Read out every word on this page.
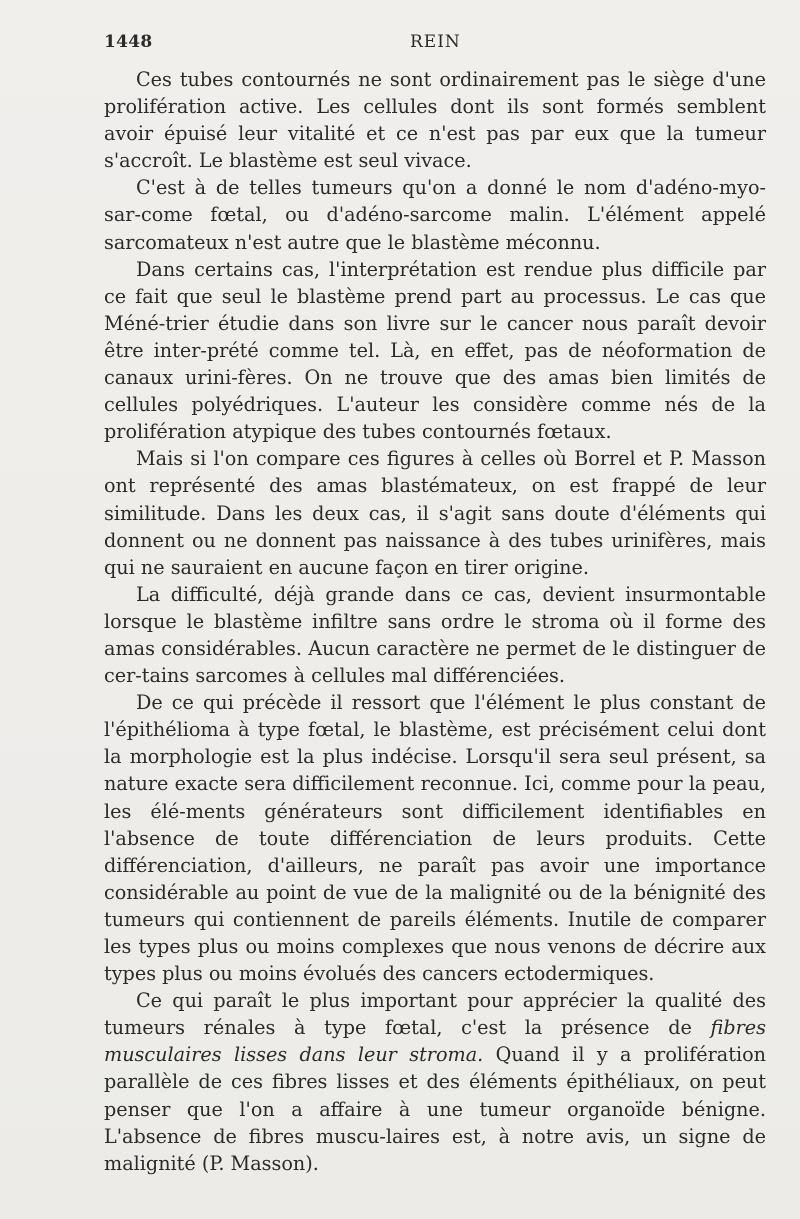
1448	REIN

Ces tubes contournés ne sont ordinairement pas le siège d'une prolifération active. Les cellules dont ils sont formés semblent avoir épuisé leur vitalité et ce n'est pas par eux que la tumeur s'accroît. Le blastème est seul vivace.

C'est à de telles tumeurs qu'on a donné le nom d'adéno-myo-sar-come fœtal, ou d'adéno-sarcome malin. L'élément appelé sarcomateux n'est autre que le blastème méconnu.

Dans certains cas, l'interprétation est rendue plus difficile par ce fait que seul le blastème prend part au processus. Le cas que Méné-trier étudie dans son livre sur le cancer nous paraît devoir être inter-prété comme tel. Là, en effet, pas de néoformation de canaux urini-fères. On ne trouve que des amas bien limités de cellules polyédriques. L'auteur les considère comme nés de la prolifération atypique des tubes contournés fœtaux.

Mais si l'on compare ces figures à celles où Borrel et P. Masson ont représenté des amas blastémateux, on est frappé de leur similitude. Dans les deux cas, il s'agit sans doute d'éléments qui donnent ou ne donnent pas naissance à des tubes urinifères, mais qui ne sauraient en aucune façon en tirer origine.

La difficulté, déjà grande dans ce cas, devient insurmontable lorsque le blastème infiltre sans ordre le stroma où il forme des amas considérables. Aucun caractère ne permet de le distinguer de cer-tains sarcomes à cellules mal différenciées.

De ce qui précède il ressort que l'élément le plus constant de l'épithélioma à type fœtal, le blastème, est précisément celui dont la morphologie est la plus indécise. Lorsqu'il sera seul présent, sa nature exacte sera difficilement reconnue. Ici, comme pour la peau, les élé-ments générateurs sont difficilement identifiables en l'absence de toute différenciation de leurs produits. Cette différenciation, d'ailleurs, ne paraît pas avoir une importance considérable au point de vue de la malignité ou de la bénignité des tumeurs qui contiennent de pareils éléments. Inutile de comparer les types plus ou moins complexes que nous venons de décrire aux types plus ou moins évolués des cancers ectodermiques.

Ce qui paraît le plus important pour apprécier la qualité des tumeurs rénales à type fœtal, c'est la présence de fibres musculaires lisses dans leur stroma. Quand il y a prolifération parallèle de ces fibres lisses et des éléments épithéliaux, on peut penser que l'on a affaire à une tumeur organoïde bénigne. L'absence de fibres muscu-laires est, à notre avis, un signe de malignité (P. Masson).
